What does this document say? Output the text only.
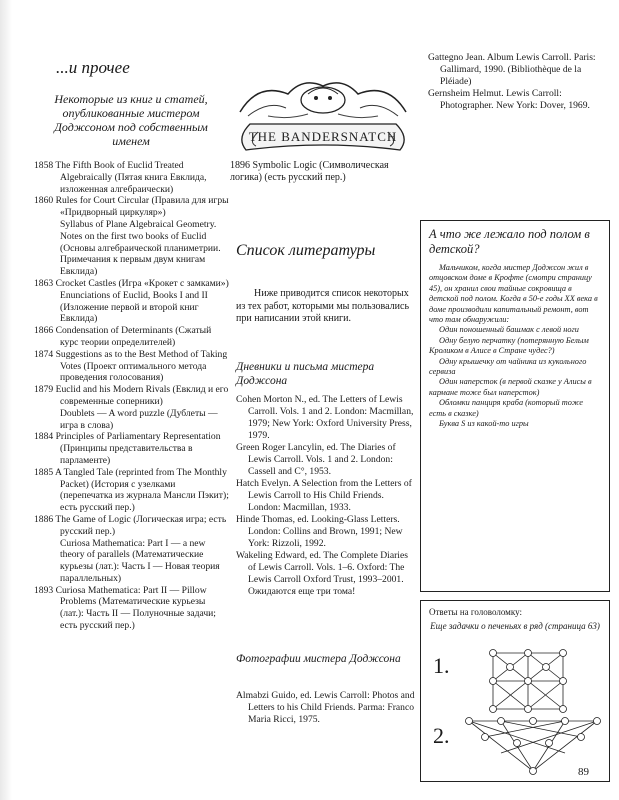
...и прочее
Некоторые из книг и статей, опубликованные мистером Доджсоном под собственным именем
1858 The Fifth Book of Euclid Treated Algebraically (Пятая книга Евклида, изложенная алгебраически)
1860 Rules for Court Circular (Правила для игры «Придворный циркуляр»)
Syllabus of Plane Algebraical Geometry. Notes on the first two books of Euclid (Основы алгебраической планиметрии. Примечания к первым двум книгам Евклида)
1863 Crocket Castles (Игра «Крокет с замками»)
Enunciations of Euclid, Books I and II (Изложение первой и второй книг Евклида)
1866 Condensation of Determinants (Сжатый курс теории определителей)
1874 Suggestions as to the Best Method of Taking Votes (Проект оптимального метода проведения голосования)
1879 Euclid and his Modern Rivals (Евклид и его современные соперники)
Doublets — A word puzzle (Дублеты — игра в слова)
1884 Principles of Parliamentary Representation (Принципы представительства в парламенте)
1885 A Tangled Tale (reprinted from The Monthly Packet) (История с узелками (перепечатка из журнала Мансли Пэкит); есть русский пер.)
1886 The Game of Logic (Логическая игра; есть русский пер.)
Curiosa Mathematica: Part I — a new theory of parallels (Математические курьезы (лат.): Часть I — Новая теория параллельных)
1893 Curiosa Mathematica: Part II — Pillow Problems (Математические курьезы (лат.): Часть II — Полуночные задачи; есть русский пер.)
THE BANDERSNATCH
1896 Symbolic Logic (Символическая логика) (есть русский пер.)
Список литературы
Ниже приводится список некоторых из тех работ, которыми мы пользовались при написании этой книги.
Дневники и письма мистера Доджсона

Cohen Morton N., ed. The Letters of Lewis Carroll. Vols. 1 and 2. London: Macmillan, 1979; New York: Oxford University Press, 1979.

Green Roger Lancylin, ed. The Diaries of Lewis Carroll. Vols. 1 and 2. London: Cassell and C°, 1953.

Hatch Evelyn. A Selection from the Letters of Lewis Carroll to His Child Friends. London: Macmillan, 1933.

Hinde Thomas, ed. Looking-Glass Letters. London: Collins and Brown, 1991; New York: Rizzoli, 1992.

Wakeling Edward, ed. The Complete Diaries of Lewis Carroll. Vols. 1–6. Oxford: The Lewis Carroll Oxford Trust, 1993–2001. Ожидаются еще три тома!

Фотографии мистера Доджсона

Almabzi Guido, ed. Lewis Carroll: Photos and Letters to his Child Friends. Parma: Franco Maria Ricci, 1975.

Gattegno Jean. Album Lewis Carroll. Paris: Gallimard, 1990. (Bibliothèque de la Pléiade)

Gernsheim Helmut. Lewis Carroll: Photographer. New York: Dover, 1969.

А что же лежало под полом в детской?

Мальчиком, когда мистер Доджсон жил в отцовском доме в Крофте (смотри страницу 45), он хранил свои тайные сокровища в детской под полом. Когда в 50-е годы XX века в доме производили капитальный ремонт, вот что там обнаружили:

Один поношенный башмак с левой ноги

Одну белую перчатку (потерянную Белым Кроликом в Алисе в Стране чудес?)

Одну крышечку от чайника из кукольного сервиза

Один наперсток (в первой сказке у Алисы в кармане тоже был наперсток)

Обломки панциря краба (который тоже есть в сказке)

Буква S из какой-то игры

Ответы на головоломку:
Еще задачки о печеньях в ряд (страница 63)
1.
2.
89
